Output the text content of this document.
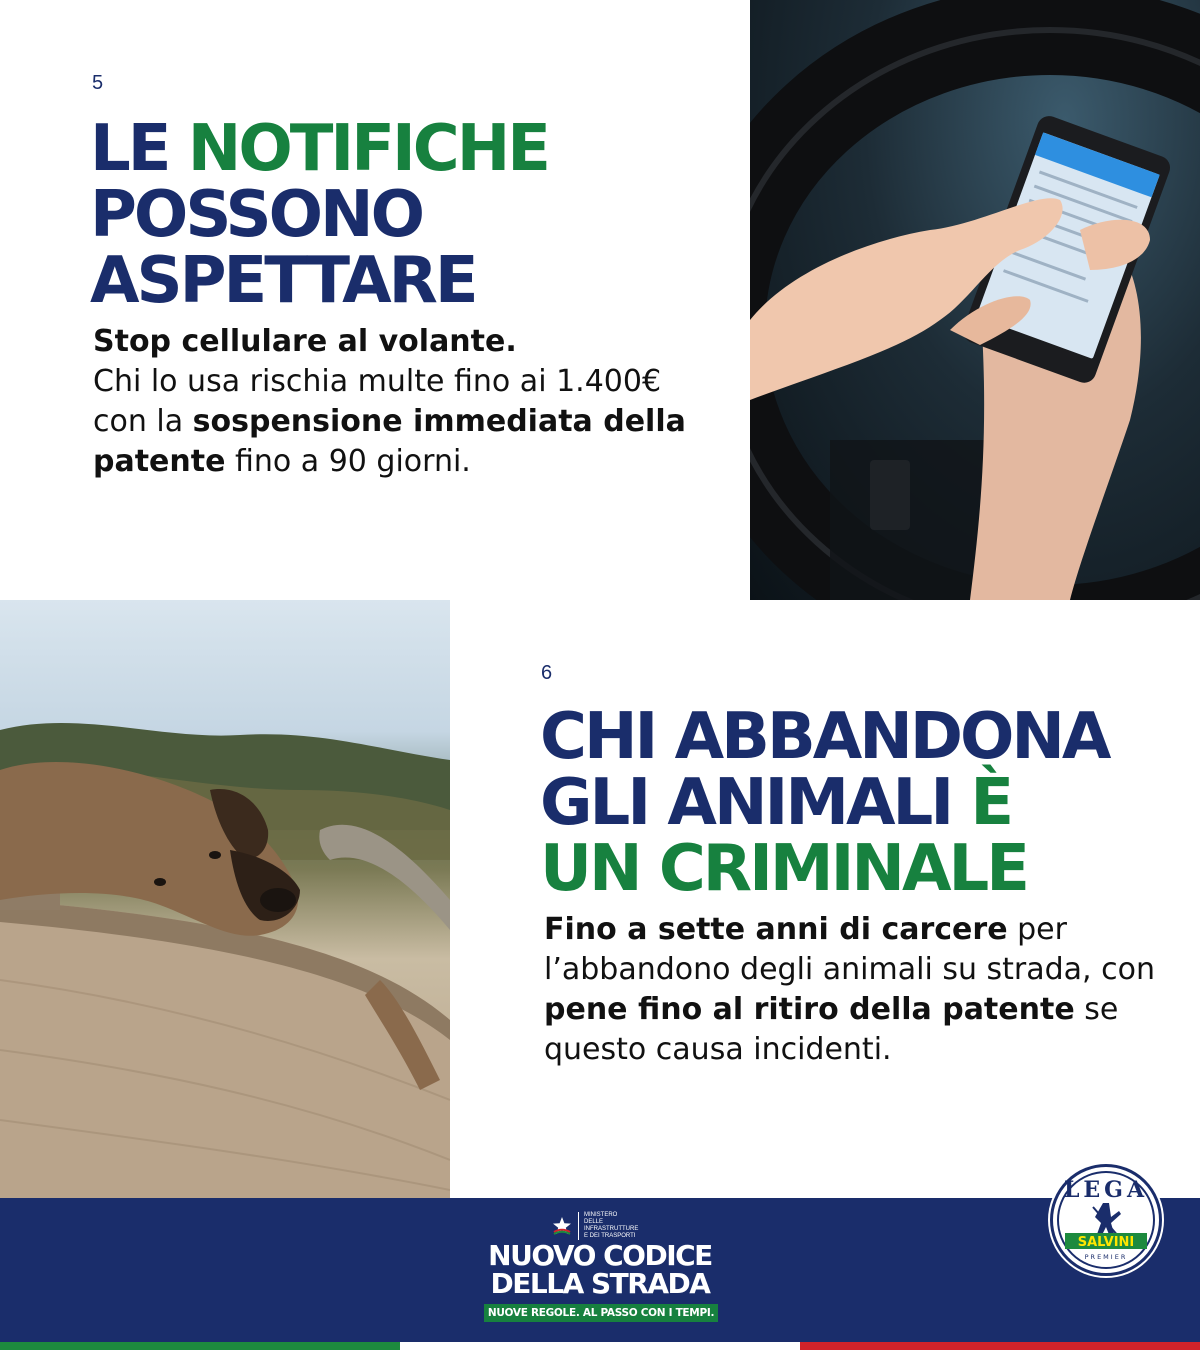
5
LE NOTIFICHE
POSSONO
ASPETTARE

Stop cellulare al volante.
Chi lo usa rischia multe fino ai 1.400€ con la sospensione immediata della patente fino a 90 giorni.

6
CHI ABBANDONA
GLI ANIMALI È
UN CRIMINALE

Fino a sette anni di carcere per l’abbandono degli animali su strada, con pene fino al ritiro della patente se questo causa incidenti.

MINISTERO
DELLE INFRASTRUTTURE
E DEI TRASPORTI
NUOVO CODICE
DELLA STRADA
NUOVE REGOLE. AL PASSO CON I TEMPI.
LEGA
SALVINI
PREMIER
